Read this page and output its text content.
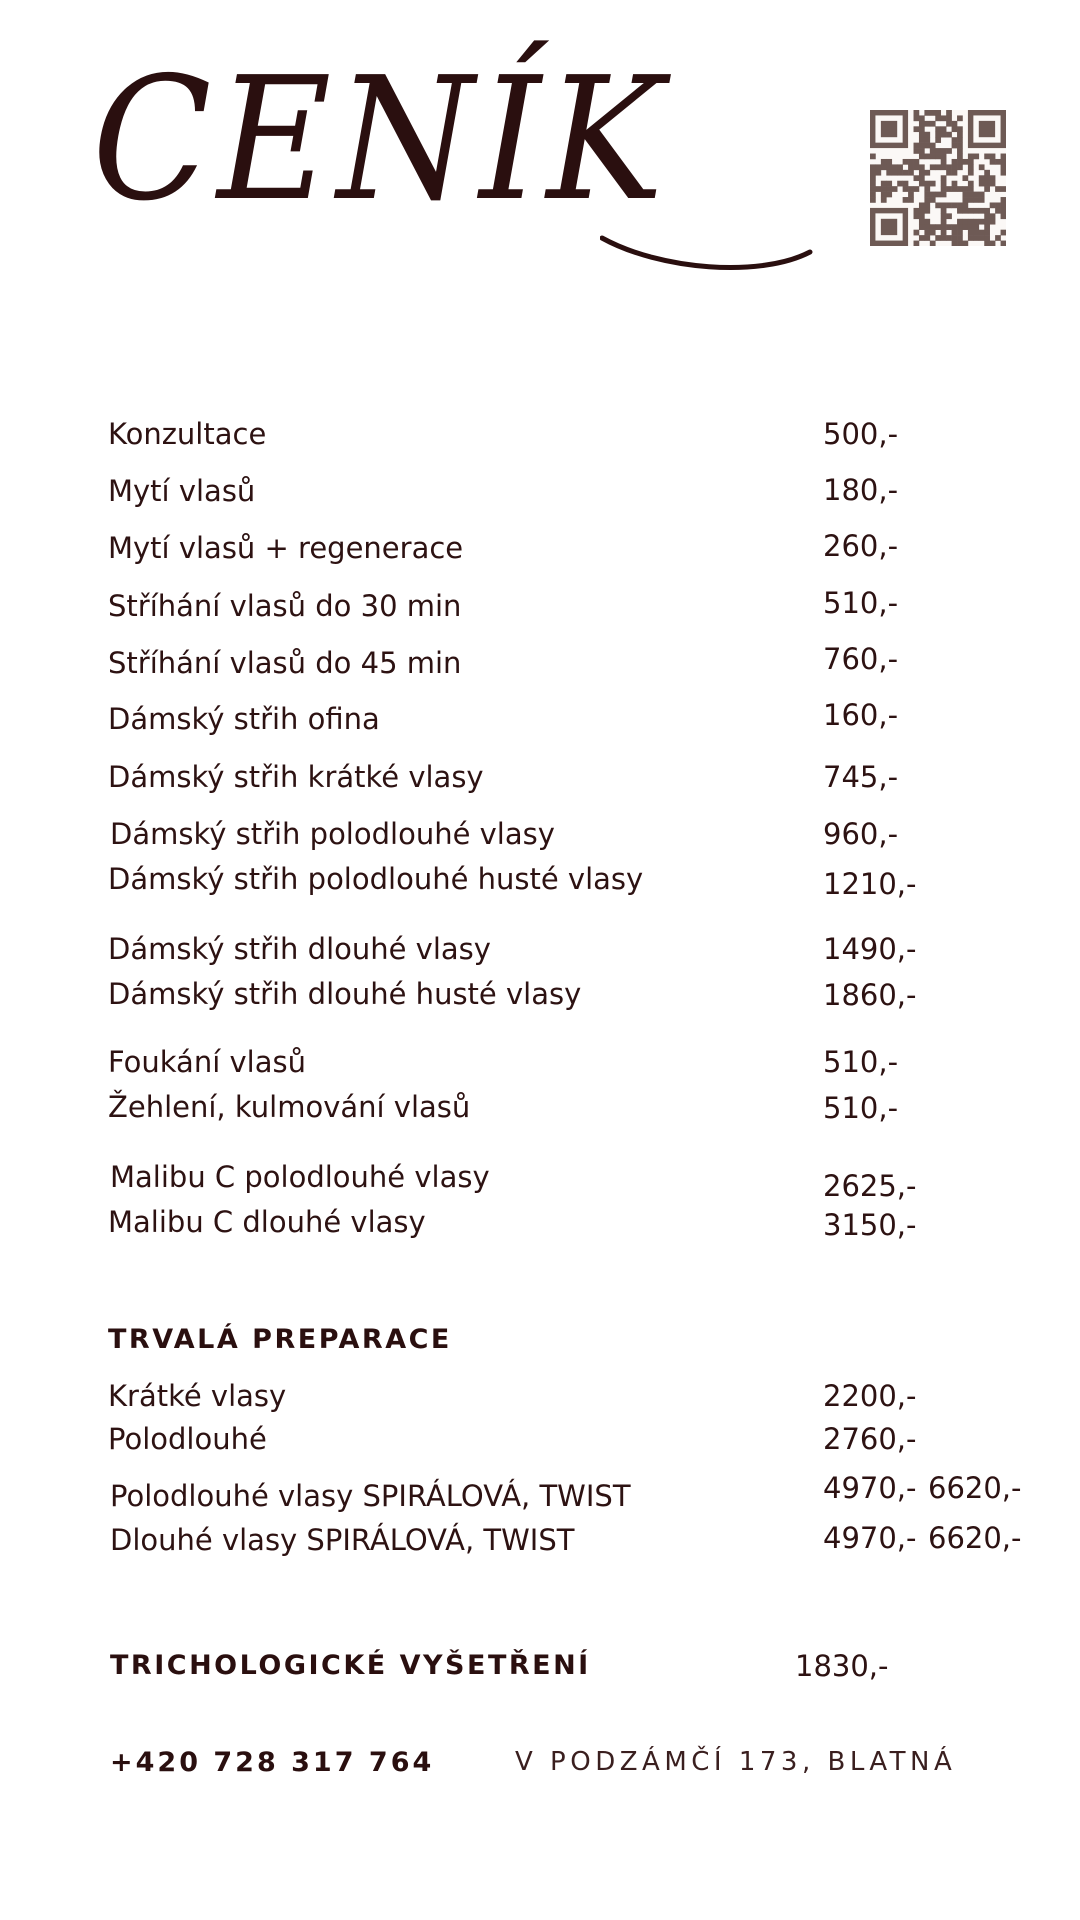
CENÍK
Konzultace	500,-
Mytí vlasů	180,-
Mytí vlasů + regenerace	260,-
Stříhání vlasů do 30 min	510,-
Stříhání vlasů do 45 min	760,-
Dámský střih ofina	160,-
Dámský střih krátké vlasy	745,-
Dámský střih polodlouhé vlasy	960,-
Dámský střih polodlouhé husté vlasy	1210,-
Dámský střih dlouhé vlasy	1490,-
Dámský střih dlouhé husté vlasy	1860,-
Foukání vlasů	510,-
Žehlení, kulmování vlasů	510,-
Malibu C polodlouhé vlasy	2625,-
Malibu C dlouhé vlasy	3150,-
TRVALÁ PREPARACE
Krátké vlasy	2200,-
Polodlouhé	2760,-
Polodlouhé vlasy SPIRÁLOVÁ, TWIST	4970,- 6620,-
Dlouhé vlasy SPIRÁLOVÁ, TWIST	4970,- 6620,-
TRICHOLOGICKÉ VYŠETŘENÍ	1830,-
+420 728 317 764	V PODZÁMČÍ 173, BLATNÁ
